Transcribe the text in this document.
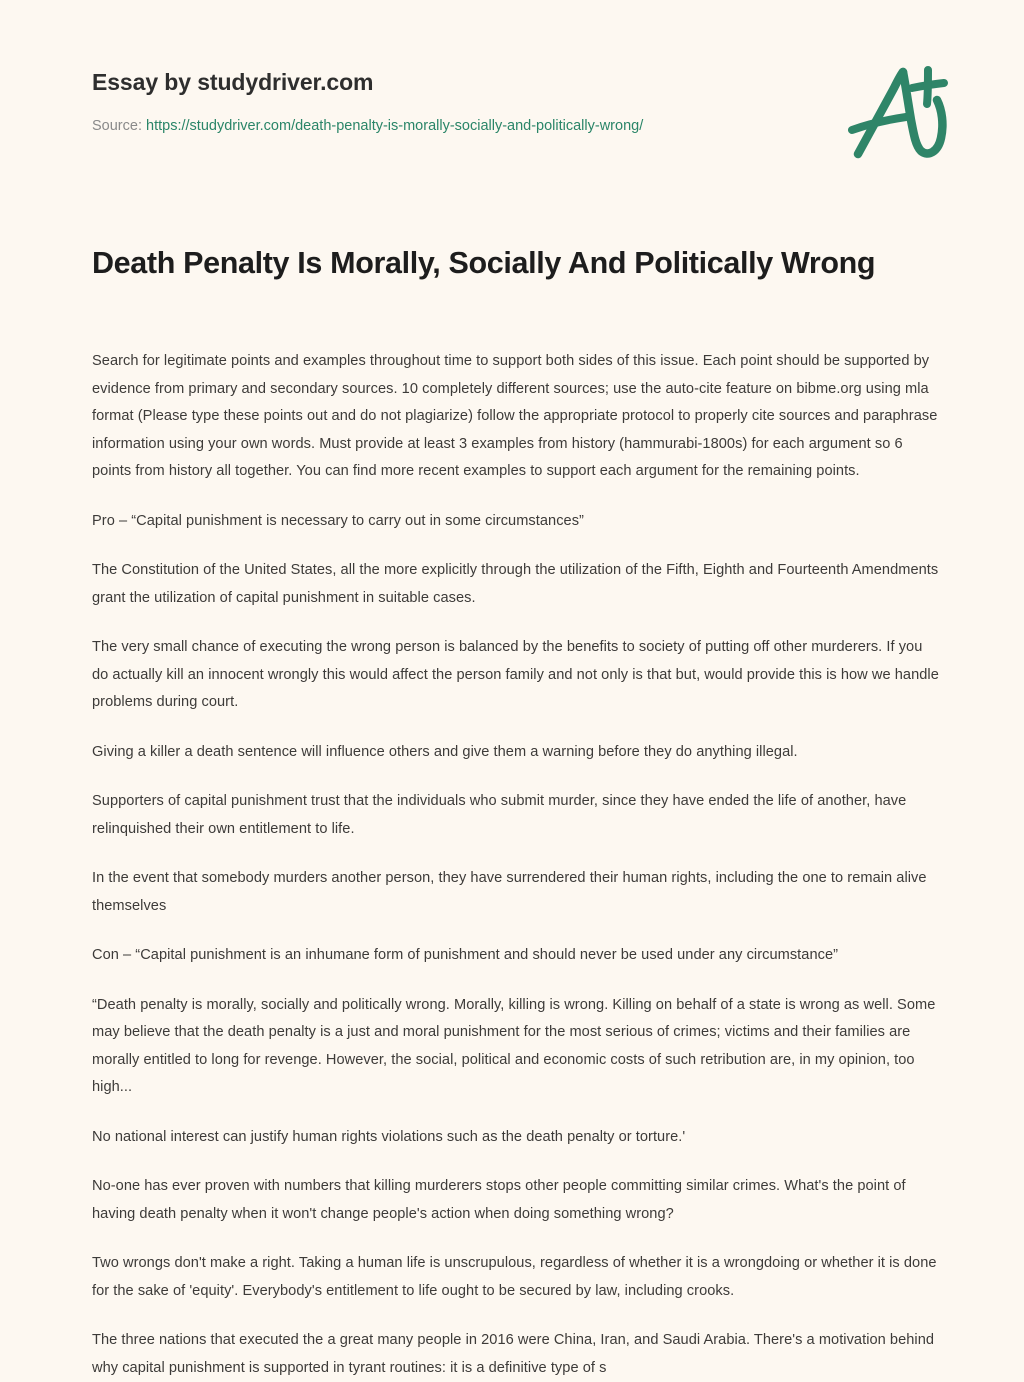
Essay by studydriver.com
Source: https://studydriver.com/death-penalty-is-morally-socially-and-politically-wrong/
Death Penalty Is Morally, Socially And Politically Wrong

Search for legitimate points and examples throughout time to support both sides of this issue. Each point should be supported by evidence from primary and secondary sources. 10 completely different sources; use the auto-cite feature on bibme.org using mla format (Please type these points out and do not plagiarize) follow the appropriate protocol to properly cite sources and paraphrase information using your own words. Must provide at least 3 examples from history (hammurabi-1800s) for each argument so 6 points from history all together. You can find more recent examples to support each argument for the remaining points.

Pro – “Capital punishment is necessary to carry out in some circumstances”

The Constitution of the United States, all the more explicitly through the utilization of the Fifth, Eighth and Fourteenth Amendments grant the utilization of capital punishment in suitable cases.

The very small chance of executing the wrong person is balanced by the benefits to society of putting off other murderers. If you do actually kill an innocent wrongly this would affect the person family and not only is that but, would provide this is how we handle problems during court.

Giving a killer a death sentence will influence others and give them a warning before they do anything illegal.

Supporters of capital punishment trust that the individuals who submit murder, since they have ended the life of another, have relinquished their own entitlement to life.

In the event that somebody murders another person, they have surrendered their human rights, including the one to remain alive themselves

Con – “Capital punishment is an inhumane form of punishment and should never be used under any circumstance”

“Death penalty is morally, socially and politically wrong. Morally, killing is wrong. Killing on behalf of a state is wrong as well. Some may believe that the death penalty is a just and moral punishment for the most serious of crimes; victims and their families are morally entitled to long for revenge. However, the social, political and economic costs of such retribution are, in my opinion, too high...

No national interest can justify human rights violations such as the death penalty or torture.'

No-one has ever proven with numbers that killing murderers stops other people committing similar crimes. What's the point of having death penalty when it won't change people's action when doing something wrong?

Two wrongs don't make a right. Taking a human life is unscrupulous, regardless of whether it is a wrongdoing or whether it is done for the sake of 'equity'. Everybody's entitlement to life ought to be secured by law, including crooks.

The three nations that executed the a great many people in 2016 were China, Iran, and Saudi Arabia. There's a motivation behind why capital punishment is supported in tyrant routines: it is a definitive type of s
